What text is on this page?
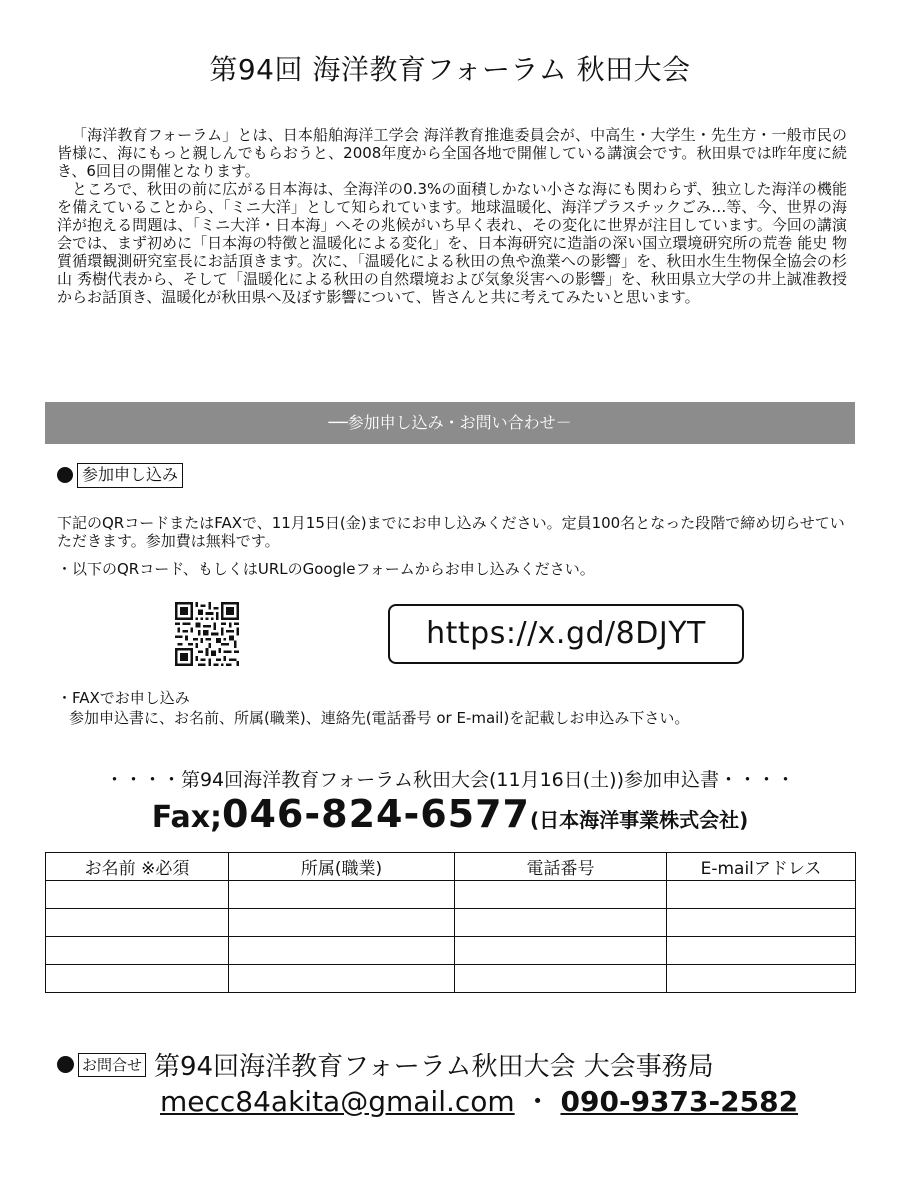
第94回 海洋教育フォーラム 秋田大会

「海洋教育フォーラム」とは、日本船舶海洋工学会 海洋教育推進委員会が、中高生・大学生・先生方・一般市民の皆様に、海にもっと親しんでもらおうと、2008年度から全国各地で開催している講演会です。秋田県では昨年度に続き、6回目の開催となります。

ところで、秋田の前に広がる日本海は、全海洋の0.3%の面積しかない小さな海にも関わらず、独立した海洋の機能を備えていることから、「ミニ大洋」として知られています。地球温暖化、海洋プラスチックごみ…等、今、世界の海洋が抱える問題は、「ミニ大洋・日本海」へその兆候がいち早く表れ、その変化に世界が注目しています。今回の講演会では、まず初めに「日本海の特徴と温暖化による変化」を、日本海研究に造詣の深い国立環境研究所の荒巻 能史 物質循環観測研究室長にお話頂きます。次に、「温暖化による秋田の魚や漁業への影響」を、秋田水生生物保全協会の杉山 秀樹代表から、そして「温暖化による秋田の自然環境および気象災害への影響」を、秋田県立大学の井上誠准教授からお話頂き、温暖化が秋田県へ及ぼす影響について、皆さんと共に考えてみたいと思います。

──参加申し込み・お問い合わせ－
参加申し込み
下記のQRコードまたはFAXで、11月15日(金)までにお申し込みください。定員100名となった段階で締め切らせていただきます。参加費は無料です。
・以下のQRコード、もしくはURLのGoogleフォームからお申し込みください。
https://x.gd/8DJYT
・FAXでお申し込み
参加申込書に、お名前、所属(職業)、連絡先(電話番号 or E-mail)を記載しお申込み下さい。
・・・・第94回海洋教育フォーラム秋田大会(11月16日(土))参加申込書・・・・
Fax;046-824-6577(日本海洋事業株式会社)
お名前 ※必須	所属(職業)	電話番号	E-mailアドレス

お問合せ 第94回海洋教育フォーラム秋田大会 大会事務局
mecc84akita@gmail.com ・ 090-9373-2582
